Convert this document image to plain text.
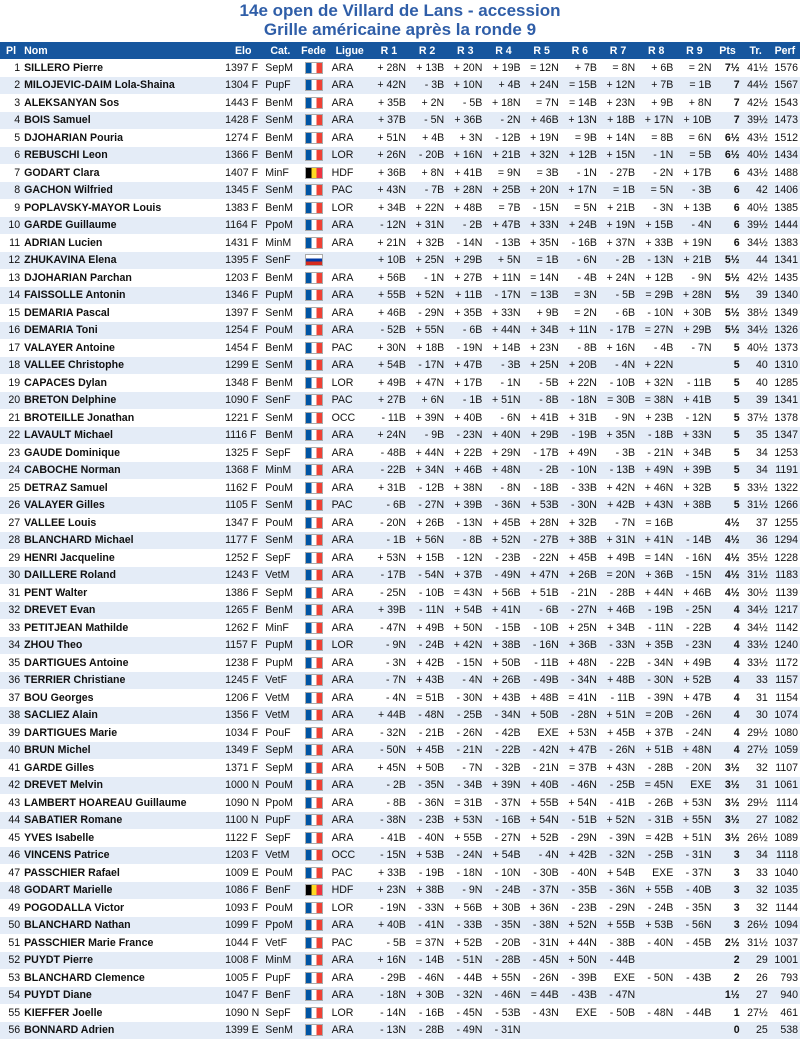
14e open de Villard de Lans - accession
Grille américaine après la ronde 9
Pl	Nom	Elo	Cat.	Fede	Ligue	R 1	R 2	R 3	R 4	R 5	R 6	R 7	R 8	R 9	Pts	Tr.	Perf
1	SILLERO Pierre	1397 F	SepM		ARA	+ 28N	+ 13B	+ 20N	+ 19B	= 12N	+ 7B	= 8N	+ 6B	= 2N	7½	41½	1576
2	MILOJEVIC-DAIM Lola-Shaina	1304 F	PupF		ARA	+ 42N	- 3B	+ 10N	+ 4B	+ 24N	= 15B	+ 12N	+ 7B	= 1B	7	44½	1567
3	ALEKSANYAN Sos	1443 F	BenM		ARA	+ 35B	+ 2N	- 5B	+ 18N	= 7N	= 14B	+ 23N	+ 9B	+ 8N	7	42½	1543
4	BOIS Samuel	1428 F	SenM		ARA	+ 37B	- 5N	+ 36B	- 2N	+ 46B	+ 13N	+ 18B	+ 17N	+ 10B	7	39½	1473
5	DJOHARIAN Pouria	1274 F	BenM		ARA	+ 51N	+ 4B	+ 3N	- 12B	+ 19N	= 9B	+ 14N	= 8B	= 6N	6½	43½	1512
6	REBUSCHI Leon	1366 F	BenM		LOR	+ 26N	- 20B	+ 16N	+ 21B	+ 32N	+ 12B	+ 15N	- 1N	= 5B	6½	40½	1434
7	GODART Clara	1407 F	MinF		HDF	+ 36B	+ 8N	+ 41B	= 9N	= 3B	- 1N	- 27B	- 2N	+ 17B	6	43½	1488
8	GACHON Wilfried	1345 F	SenM		PAC	+ 43N	- 7B	+ 28N	+ 25B	+ 20N	+ 17N	= 1B	= 5N	- 3B	6	42	1406
9	POPLAVSKY-MAYOR Louis	1383 F	BenM		LOR	+ 34B	+ 22N	+ 48B	= 7B	- 15N	= 5N	+ 21B	- 3N	+ 13B	6	40½	1385
10	GARDE Guillaume	1164 F	PpoM		ARA	- 12N	+ 31N	- 2B	+ 47B	+ 33N	+ 24B	+ 19N	+ 15B	- 4N	6	39½	1444
11	ADRIAN Lucien	1431 F	MinM		ARA	+ 21N	+ 32B	- 14N	- 13B	+ 35N	- 16B	+ 37N	+ 33B	+ 19N	6	34½	1383
12	ZHUKAVINA Elena	1395 F	SenF			+ 10B	+ 25N	+ 29B	+ 5N	= 1B	- 6N	- 2B	- 13N	+ 21B	5½	44	1341
13	DJOHARIAN Parchan	1203 F	BenM		ARA	+ 56B	- 1N	+ 27B	+ 11N	= 14N	- 4B	+ 24N	+ 12B	- 9N	5½	42½	1435
14	FAISSOLLE Antonin	1346 F	PupM		ARA	+ 55B	+ 52N	+ 11B	- 17N	= 13B	= 3N	- 5B	= 29B	+ 28N	5½	39	1340
15	DEMARIA Pascal	1397 F	SenM		ARA	+ 46B	- 29N	+ 35B	+ 33N	+ 9B	= 2N	- 6B	- 10N	+ 30B	5½	38½	1349
16	DEMARIA Toni	1254 F	PouM		ARA	- 52B	+ 55N	- 6B	+ 44N	+ 34B	+ 11N	- 17B	= 27N	+ 29B	5½	34½	1326
17	VALAYER Antoine	1454 F	BenM		PAC	+ 30N	+ 18B	- 19N	+ 14B	+ 23N	- 8B	+ 16N	- 4B	- 7N	5	40½	1373
18	VALLEE Christophe	1299 E	SenM		ARA	+ 54B	- 17N	+ 47B	- 3B	+ 25N	+ 20B	- 4N	+ 22N		5	40	1310
19	CAPACES Dylan	1348 F	BenM		LOR	+ 49B	+ 47N	+ 17B	- 1N	- 5B	+ 22N	- 10B	+ 32N	- 11B	5	40	1285
20	BRETON Delphine	1090 F	SenF		PAC	+ 27B	+ 6N	- 1B	+ 51N	- 8B	- 18N	= 30B	= 38N	+ 41B	5	39	1341
21	BROTEILLE Jonathan	1221 F	SenM		OCC	- 11B	+ 39N	+ 40B	- 6N	+ 41B	+ 31B	- 9N	+ 23B	- 12N	5	37½	1378
22	LAVAULT Michael	1116 F	BenM		ARA	+ 24N	- 9B	- 23N	+ 40N	+ 29B	- 19B	+ 35N	- 18B	+ 33N	5	35	1347
23	GAUDE Dominique	1325 F	SepF		ARA	- 48B	+ 44N	+ 22B	+ 29N	- 17B	+ 49N	- 3B	- 21N	+ 34B	5	34	1253
24	CABOCHE Norman	1368 F	MinM		ARA	- 22B	+ 34N	+ 46B	+ 48N	- 2B	- 10N	- 13B	+ 49N	+ 39B	5	34	1191
25	DETRAZ Samuel	1162 F	PouM		ARA	+ 31B	- 12B	+ 38N	- 8N	- 18B	- 33B	+ 42N	+ 46N	+ 32B	5	33½	1322
26	VALAYER Gilles	1105 F	SenM		PAC	- 6B	- 27N	+ 39B	- 36N	+ 53B	- 30N	+ 42B	+ 43N	+ 38B	5	31½	1266
27	VALLEE Louis	1347 F	PouM		ARA	- 20N	+ 26B	- 13N	+ 45B	+ 28N	+ 32B	- 7N	= 16B		4½	37	1255
28	BLANCHARD Michael	1177 F	SenM		ARA	- 1B	+ 56N	- 8B	+ 52N	- 27B	+ 38B	+ 31N	+ 41N	- 14B	4½	36	1294
29	HENRI Jacqueline	1252 F	SepF		ARA	+ 53N	+ 15B	- 12N	- 23B	- 22N	+ 45B	+ 49B	= 14N	- 16N	4½	35½	1228
30	DAILLERE Roland	1243 F	VetM		ARA	- 17B	- 54N	+ 37B	- 49N	+ 47N	+ 26B	= 20N	+ 36B	- 15N	4½	31½	1183
31	PENT Walter	1386 F	SepM		ARA	- 25N	- 10B	= 43N	+ 56B	+ 51B	- 21N	- 28B	+ 44N	+ 46B	4½	30½	1139
32	DREVET Evan	1265 F	BenM		ARA	+ 39B	- 11N	+ 54B	+ 41N	- 6B	- 27N	+ 46B	- 19B	- 25N	4	34½	1217
33	PETITJEAN Mathilde	1262 F	MinF		ARA	- 47N	+ 49B	+ 50N	- 15B	- 10B	+ 25N	+ 34B	- 11N	- 22B	4	34½	1142
34	ZHOU Theo	1157 F	PupM		LOR	- 9N	- 24B	+ 42N	+ 38B	- 16N	+ 36B	- 33N	+ 35B	- 23N	4	33½	1240
35	DARTIGUES Antoine	1238 F	PupM		ARA	- 3N	+ 42B	- 15N	+ 50B	- 11B	+ 48N	- 22B	- 34N	+ 49B	4	33½	1172
36	TERRIER Christiane	1245 F	VetF		ARA	- 7N	+ 43B	- 4N	+ 26B	- 49B	- 34N	+ 48B	- 30N	+ 52B	4	33	1157
37	BOU Georges	1206 F	VetM		ARA	- 4N	= 51B	- 30N	+ 43B	+ 48B	= 41N	- 11B	- 39N	+ 47B	4	31	1154
38	SACLIEZ Alain	1356 F	VetM		ARA	+ 44B	- 48N	- 25B	- 34N	+ 50B	- 28N	+ 51N	= 20B	- 26N	4	30	1074
39	DARTIGUES Marie	1034 F	PouF		ARA	- 32N	- 21B	- 26N	- 42B	EXE	+ 53N	+ 45B	+ 37B	- 24N	4	29½	1080
40	BRUN Michel	1349 F	SepM		ARA	- 50N	+ 45B	- 21N	- 22B	- 42N	+ 47B	- 26N	+ 51B	+ 48N	4	27½	1059
41	GARDE Gilles	1371 F	SepM		ARA	+ 45N	+ 50B	- 7N	- 32B	- 21N	= 37B	+ 43N	- 28B	- 20N	3½	32	1107
42	DREVET Melvin	1000 N	PouM		ARA	- 2B	- 35N	- 34B	+ 39N	+ 40B	- 46N	- 25B	= 45N	EXE	3½	31	1061
43	LAMBERT HOAREAU Guillaume	1090 N	PpoM		ARA	- 8B	- 36N	= 31B	- 37N	+ 55B	+ 54N	- 41B	- 26B	+ 53N	3½	29½	1114
44	SABATIER Romane	1100 N	PupF		ARA	- 38N	- 23B	+ 53N	- 16B	+ 54N	- 51B	+ 52N	- 31B	+ 55N	3½	27	1082
45	YVES Isabelle	1122 F	SepF		ARA	- 41B	- 40N	+ 55B	- 27N	+ 52B	- 29N	- 39N	= 42B	+ 51N	3½	26½	1089
46	VINCENS Patrice	1203 F	VetM		OCC	- 15N	+ 53B	- 24N	+ 54B	- 4N	+ 42B	- 32N	- 25B	- 31N	3	34	1118
47	PASSCHIER Rafael	1009 E	PouM		PAC	+ 33B	- 19B	- 18N	- 10N	- 30B	- 40N	+ 54B	EXE	- 37N	3	33	1040
48	GODART Marielle	1086 F	BenF		HDF	+ 23N	+ 38B	- 9N	- 24B	- 37N	- 35B	- 36N	+ 55B	- 40B	3	32	1035
49	POGODALLA Victor	1093 F	PouM		LOR	- 19N	- 33N	+ 56B	+ 30B	+ 36N	- 23B	- 29N	- 24B	- 35N	3	32	1144
50	BLANCHARD Nathan	1099 F	PpoM		ARA	+ 40B	- 41N	- 33B	- 35N	- 38N	+ 52N	+ 55B	+ 53B	- 56N	3	26½	1094
51	PASSCHIER Marie France	1044 F	VetF		PAC	- 5B	= 37N	+ 52B	- 20B	- 31N	+ 44N	- 38B	- 40N	- 45B	2½	31½	1037
52	PUYDT Pierre	1008 F	MinM		ARA	+ 16N	- 14B	- 51N	- 28B	- 45N	+ 50N	- 44B			2	29	1001
53	BLANCHARD Clemence	1005 F	PupF		ARA	- 29B	- 46N	- 44B	+ 55N	- 26N	- 39B	EXE	- 50N	- 43B	2	26	793
54	PUYDT Diane	1047 F	BenF		ARA	- 18N	+ 30B	- 32N	- 46N	= 44B	- 43B	- 47N			1½	27	940
55	KIEFFER Joelle	1090 N	SepF		LOR	- 14N	- 16B	- 45N	- 53B	- 43N	EXE	- 50B	- 48N	- 44B	1	27½	461
56	BONNARD Adrien	1399 E	SenM		ARA	- 13N	- 28B	- 49N	- 31N						0	25	538
